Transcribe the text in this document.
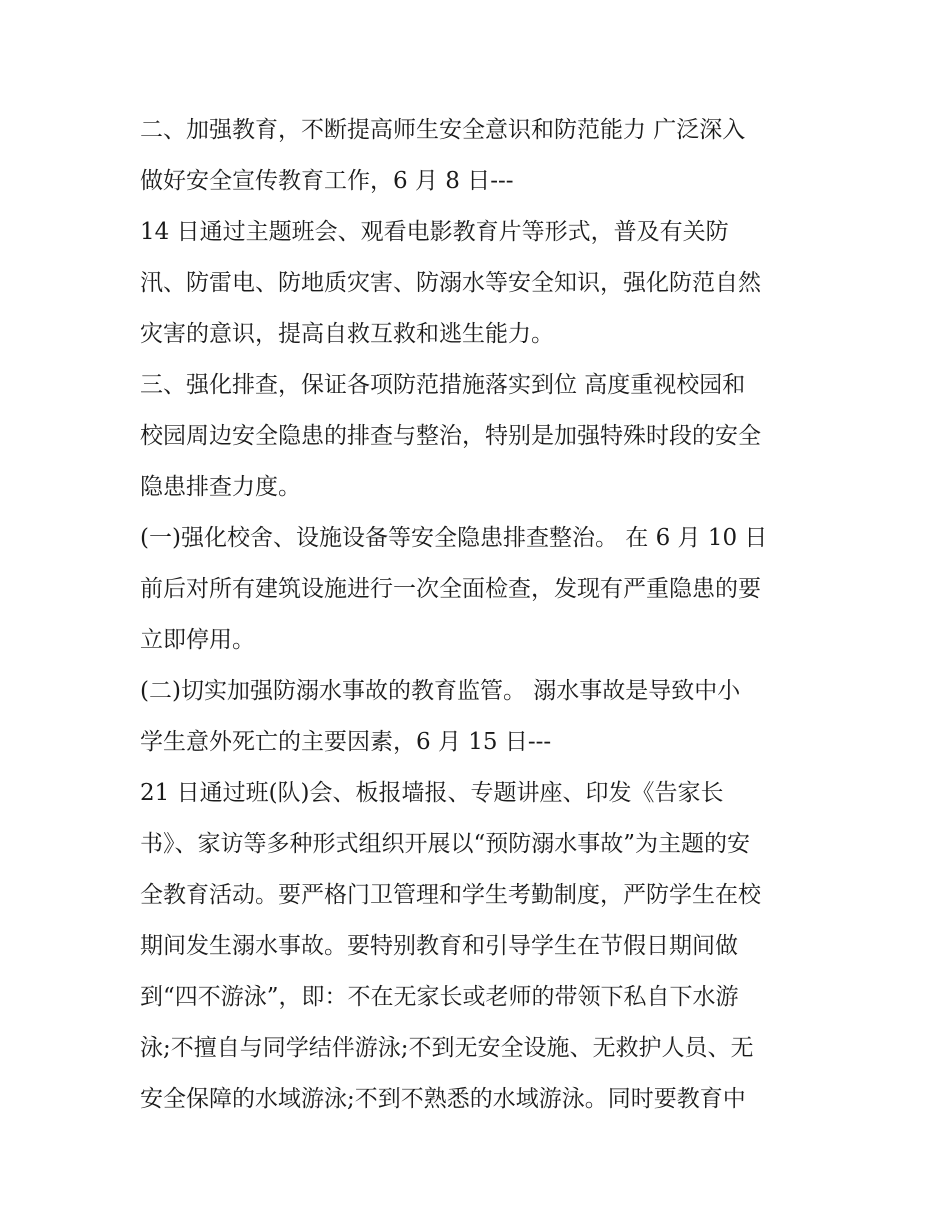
二、加强教育，不断提高师生安全意识和防范能力 广泛深入
做好安全宣传教育工作，6 月 8 日---
14 日通过主题班会、观看电影教育片等形式，普及有关防
汛、防雷电、防地质灾害、防溺水等安全知识，强化防范自然
灾害的意识，提高自救互救和逃生能力。
三、强化排查，保证各项防范措施落实到位 高度重视校园和
校园周边安全隐患的排查与整治，特别是加强特殊时段的安全
隐患排查力度。
(一)强化校舍、设施设备等安全隐患排查整治。 在 6 月 10 日
前后对所有建筑设施进行一次全面检查，发现有严重隐患的要
立即停用。
(二)切实加强防溺水事故的教育监管。 溺水事故是导致中小
学生意外死亡的主要因素，6 月 15 日---
21 日通过班(队)会、板报墙报、专题讲座、印发《告家长
书》、家访等多种形式组织开展以“预防溺水事故”为主题的安
全教育活动。要严格门卫管理和学生考勤制度，严防学生在校
期间发生溺水事故。要特别教育和引导学生在节假日期间做
到“四不游泳”，即：不在无家长或老师的带领下私自下水游
泳;不擅自与同学结伴游泳;不到无安全设施、无救护人员、无
安全保障的水域游泳;不到不熟悉的水域游泳。同时要教育中
